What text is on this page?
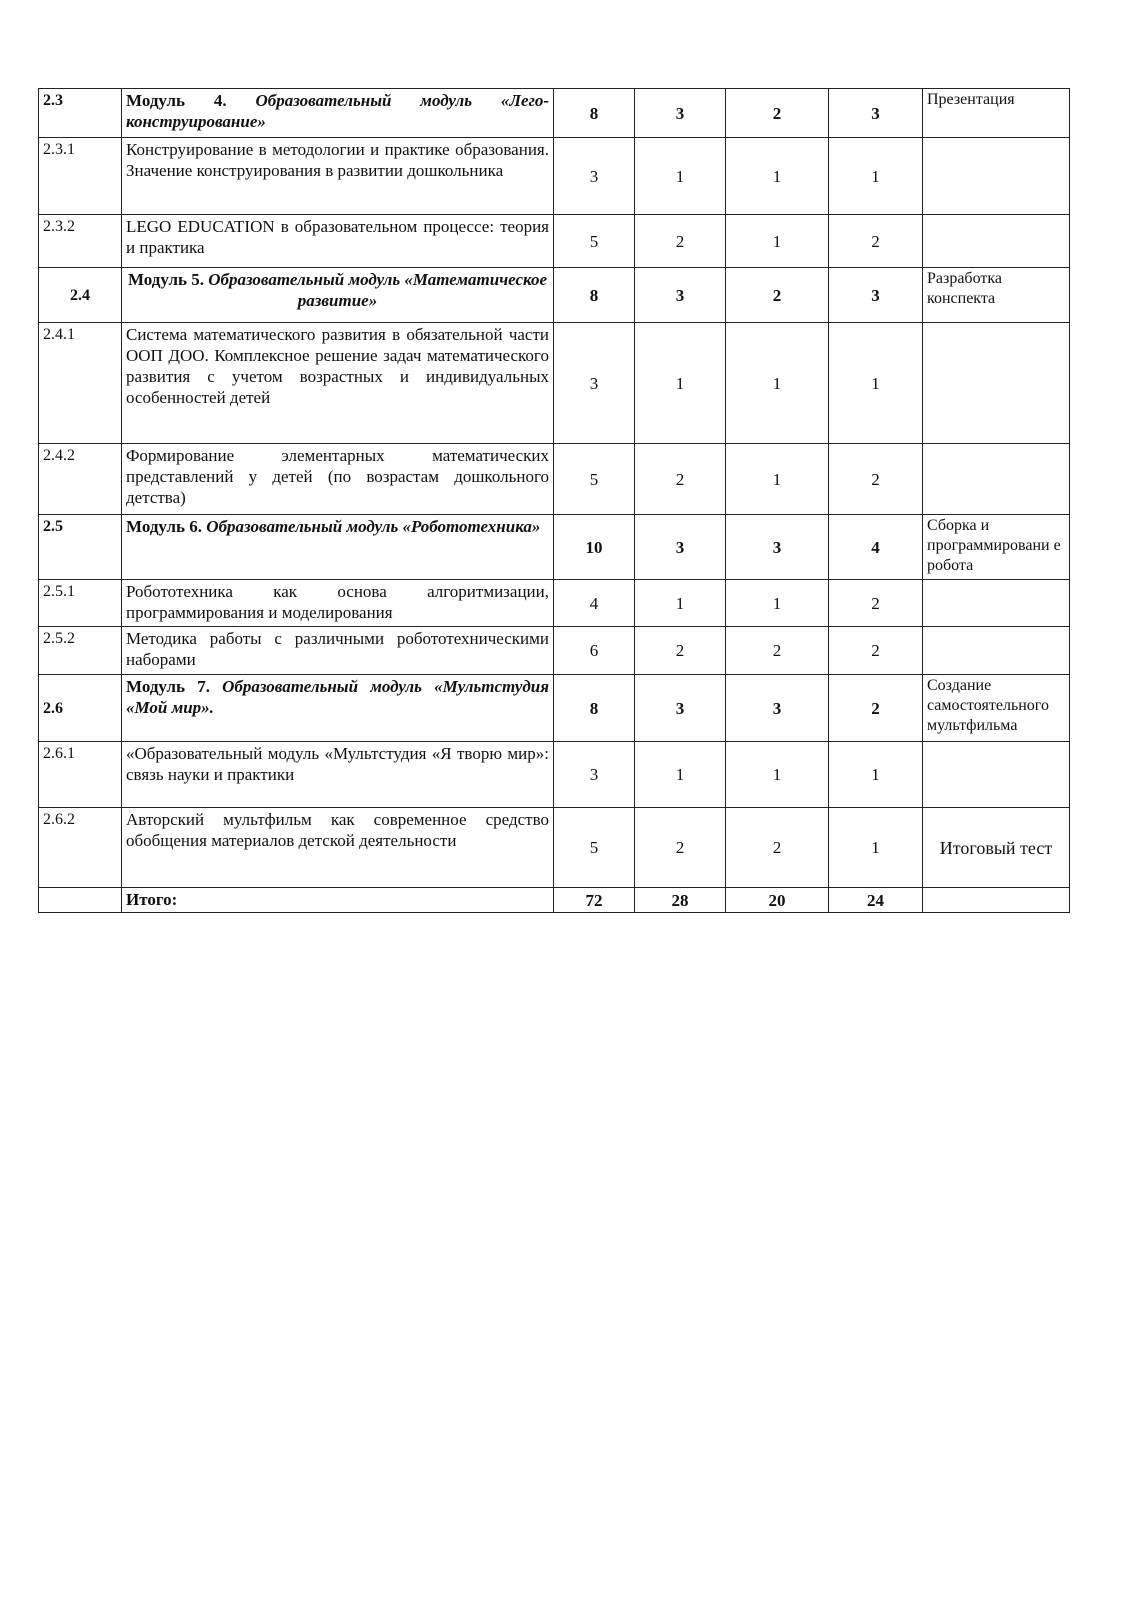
2.3	Модуль 4. Образовательный модуль «Лего-конструирование»	8	3	2	3	Презентация
2.3.1	Конструирование в методологии и практике образования. Значение конструирования в развитии дошкольника	3	1	1	1	
2.3.2	LEGO EDUCATION в образовательном процессе: теория и практика	5	2	1	2	
2.4	Модуль 5. Образовательный модуль «Математическое развитие»	8	3	2	3	Разработка конспекта
2.4.1	Система математического развития в обязательной части ООП ДОО. Комплексное решение задач математического развития с учетом возрастных и индивидуальных особенностей детей	3	1	1	1	
2.4.2	Формирование элементарных математических представлений у детей (по возрастам дошкольного детства)	5	2	1	2	
2.5	Модуль 6. Образовательный модуль «Робототехника»	10	3	3	4	Сборка и программировани е робота
2.5.1	Робототехника как основа алгоритмизации, программирования и моделирования	4	1	1	2	
2.5.2	Методика работы с различными робототехническими наборами	6	2	2	2	
2.6	Модуль 7. Образовательный модуль «Мультстудия «Мой мир».	8	3	3	2	Создание самостоятельного мультфильма
2.6.1	«Образовательный модуль «Мультстудия «Я творю мир»: связь науки и практики	3	1	1	1	
2.6.2	Авторский мультфильм как современное средство обобщения материалов детской деятельности	5	2	2	1	Итоговый тест
	Итого:	72	28	20	24	
